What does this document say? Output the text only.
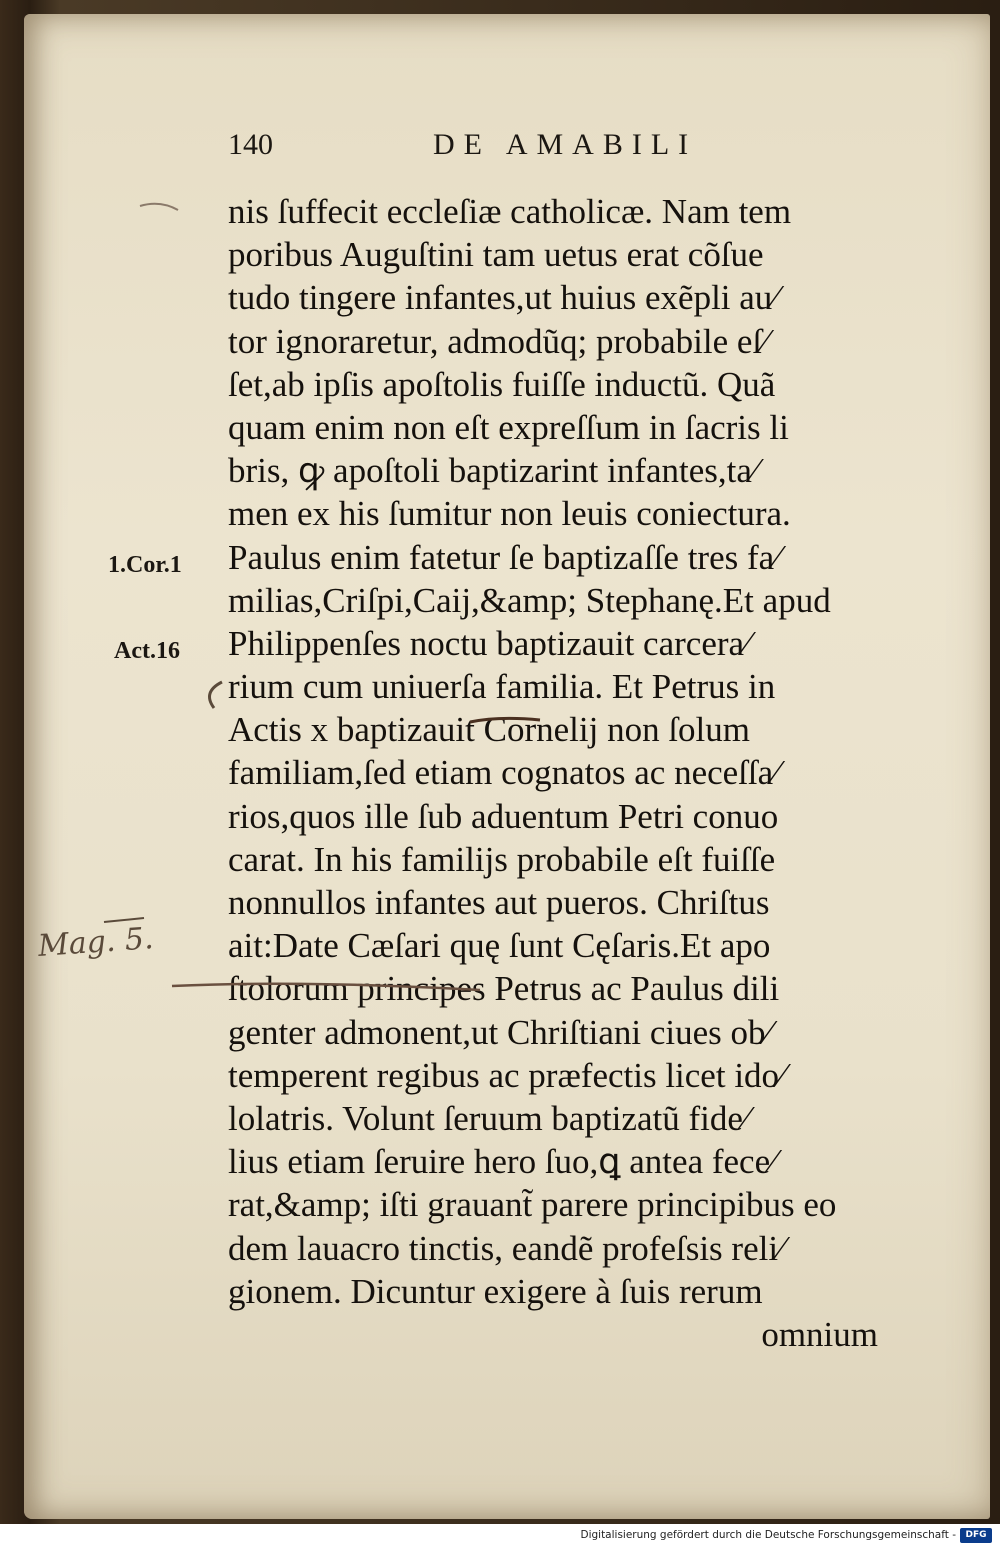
140	DE AMABILI
nis ſuffecit eccleſiæ catholicæ. Nam tem
poribus Auguſtini tam uetus erat cõſue
tudo tingere infantes,ut huius exẽpli au⁄
tor ignoraretur, admodũq; probabile eſ⁄
ſet,ab ipſis apoſtolis fuiſſe inductũ. Quã
quam enim non eſt expreſſum in ſacris li
bris, ꝙ apoſtoli baptizarint infantes,ta⁄
men ex his ſumitur non leuis coniectura.
Paulus enim fatetur ſe baptizaſſe tres fa⁄
milias,Criſpi,Caij,&amp; Stephanę.Et apud
Philippenſes noctu baptizauit carcera⁄
rium cum uniuerſa familia. Et Petrus in
Actis x baptizauit Cornelij non ſolum
familiam,ſed etiam cognatos ac neceſſa⁄
rios,quos ille ſub aduentum Petri conuo
carat. In his familijs probabile eſt fuiſſe
nonnullos infantes aut pueros. Chriſtus
ait:Date Cæſari quę ſunt Cęſaris.Et apo
ſtolorum principes Petrus ac Paulus dili
genter admonent,ut Chriſtiani ciues ob⁄
temperent regibus ac præfectis licet ido⁄
lolatris. Volunt ſeruum baptizatũ fide⁄
lius etiam ſeruire hero ſuo,ꝗ antea fece⁄
rat,&amp; iſti grauant̃ parere principibus eo
dem lauacro tinctis, eandẽ profeſsis reli⁄
gionem. Dicuntur exigere à ſuis rerum
omnium
1.Cor.1
Act.16
Mag. 5.
Digitalisierung gefördert durch die Deutsche Forschungsgemeinschaft -	DFG
